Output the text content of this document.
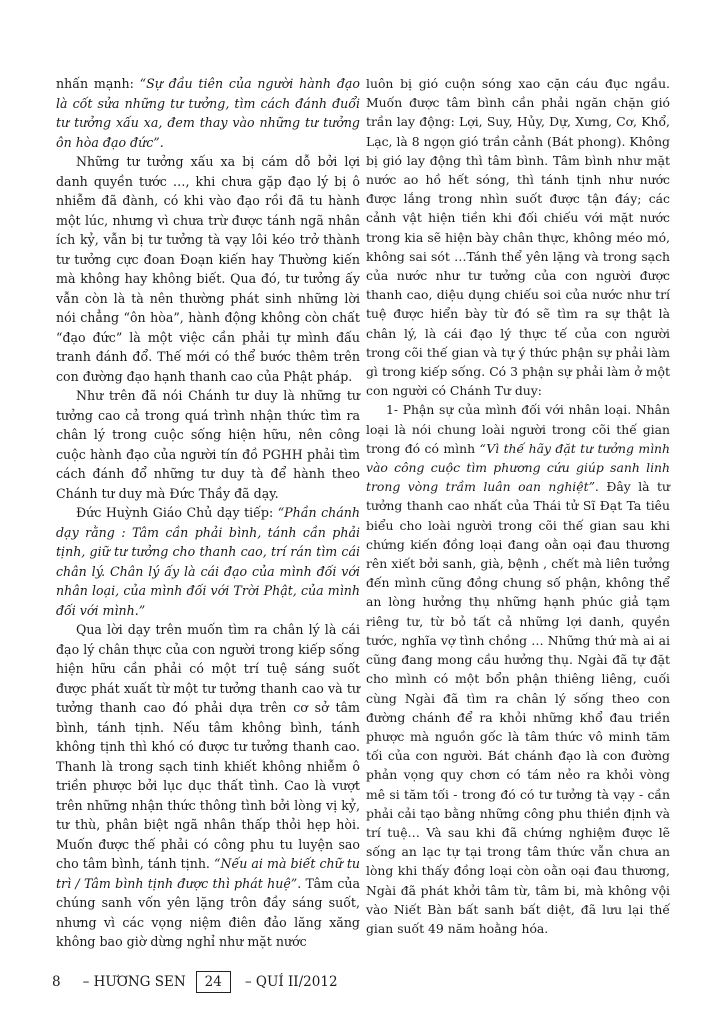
nhấn mạnh: “Sự đầu tiên của người hành đạo là cốt sửa những tư tưởng, tìm cách đánh đuổi tư tưởng xấu xa, đem thay vào những tư tưởng ôn hòa đạo đức”.

Những tư tưởng xấu xa bị cám dỗ bởi lợi danh quyền tước …, khi chưa gặp đạo lý bị ô nhiễm đã đành, có khi vào đạo rồi đã tu hành một lúc, nhưng vì chưa trừ được tánh ngã nhân ích kỷ, vẫn bị tư tưởng tà vạy lôi kéo trở thành tư tưởng cực đoan Đoạn kiến hay Thường kiến mà không hay không biết. Qua đó, tư tưởng ấy vẫn còn là tà nên thường phát sinh những lời nói chẳng “ôn hòa”, hành động không còn chất “đạo đức” là một việc cần phải tự mình đấu tranh đánh đổ. Thế mới có thể bước thêm trên con đường đạo hạnh thanh cao của Phật pháp.

Như trên đã nói Chánh tư duy là những tư tưởng cao cả trong quá trình nhận thức tìm ra chân lý trong cuộc sống hiện hữu, nên công cuộc hành đạo của người tín đồ PGHH phải tìm cách đánh đổ những tư duy tà để hành theo Chánh tư duy mà Đức Thầy đã dạy.

Đức Huỳnh Giáo Chủ dạy tiếp: “Phần chánh dạy rằng : Tâm cần phải bình, tánh cần phải tịnh, giữ tư tưởng cho thanh cao, trí rán tìm cái chân lý. Chân lý ấy là cái đạo của mình đối với nhân loại, của mình đối với Trời Phật, của mình đối với mình.”

Qua lời dạy trên muốn tìm ra chân lý là cái đạo lý chân thực của con người trong kiếp sống hiện hữu cần phải có một trí tuệ sáng suốt được phát xuất từ một tư tưởng thanh cao và tư tưởng thanh cao đó phải dựa trên cơ sở tâm bình, tánh tịnh. Nếu tâm không bình, tánh không tịnh thì khó có được tư tưởng thanh cao. Thanh là trong sạch tinh khiết không nhiễm ô triền phược bởi lục dục thất tình. Cao là vượt trên những nhận thức thông tình bởi lòng vị kỷ, tư thù, phân biệt ngã nhân thấp thỏi hẹp hòi. Muốn được thế phải có công phu tu luyện sao cho tâm bình, tánh tịnh. “Nếu ai mà biết chữ tu trì / Tâm bình tịnh được thì phát huệ”. Tâm của chúng sanh vốn yên lặng trôn đầy sáng suốt, nhưng vì các vọng niệm điên đảo lăng xăng không bao giờ dừng nghỉ như mặt nước

luôn bị gió cuộn sóng xao cặn cáu đục ngầu. Muốn được tâm bình cần phải ngăn chặn gió trần lay động: Lợi, Suy, Hủy, Dự, Xưng, Cơ, Khổ, Lạc, là 8 ngọn gió trần cảnh (Bát phong). Không bị gió lay động thì tâm bình. Tâm bình như mặt nước ao hồ hết sóng, thì tánh tịnh như nước được lắng trong nhìn suốt được tận đáy; các cảnh vật hiện tiền khi đối chiếu với mặt nước trong kia sẽ hiện bày chân thực, không méo mó, không sai sót …Tánh thể yên lặng và trong sạch của nước như tư tưởng của con người được thanh cao, diệu dụng chiếu soi của nước như trí tuệ được hiển bày từ đó sẽ tìm ra sự thật là chân lý, là cái đạo lý thực tế của con người trong cõi thế gian và tự ý thức phận sự phải làm gì trong kiếp sống. Có 3 phận sự phải làm ở một con người có Chánh Tư duy:

1- Phận sự của mình đối với nhân loại. Nhân loại là nói chung loài người trong cõi thế gian trong đó có mình “Vì thế hãy đặt tư tưởng mình vào công cuộc tìm phương cứu giúp sanh linh trong vòng trầm luân oan nghiệt”. Đây là tư tưởng thanh cao nhất của Thái tử Sĩ Đạt Ta tiêu biểu cho loài người trong cõi thế gian sau khi chứng kiến đồng loại đang oằn oại đau thương rên xiết bởi sanh, già, bệnh , chết mà liên tưởng đến mình cũng đồng chung số phận, không thể an lòng hưởng thụ những hạnh phúc giả tạm riêng tư, từ bỏ tất cả những lợi danh, quyền tước, nghĩa vợ tình chồng … Những thứ mà ai ai cũng đang mong cầu hưởng thụ. Ngài đã tự đặt cho mình có một bổn phận thiêng liêng, cuối cùng Ngài đã tìm ra chân lý sống theo con đường chánh để ra khỏi những khổ đau triền phược mà nguồn gốc là tâm thức vô minh tăm tối của con người. Bát chánh đạo là con đường phản vọng quy chơn có tám nẻo ra khỏi vòng mê si tăm tối - trong đó có tư tưởng tà vạy - cần phải cải tạo bằng những công phu thiền định và trí tuệ… Và sau khi đã chứng nghiệm được lẽ sống an lạc tự tại trong tâm thức vẫn chưa an lòng khi thấy đồng loại còn oằn oại đau thương, Ngài đã phát khởi tâm từ, tâm bi, mà không vội vào Niết Bàn bất sanh bất diệt, đã lưu lại thế gian suốt 49 năm hoằng hóa.

8 – HƯƠNG SEN	24	– QUÍ II/2012
